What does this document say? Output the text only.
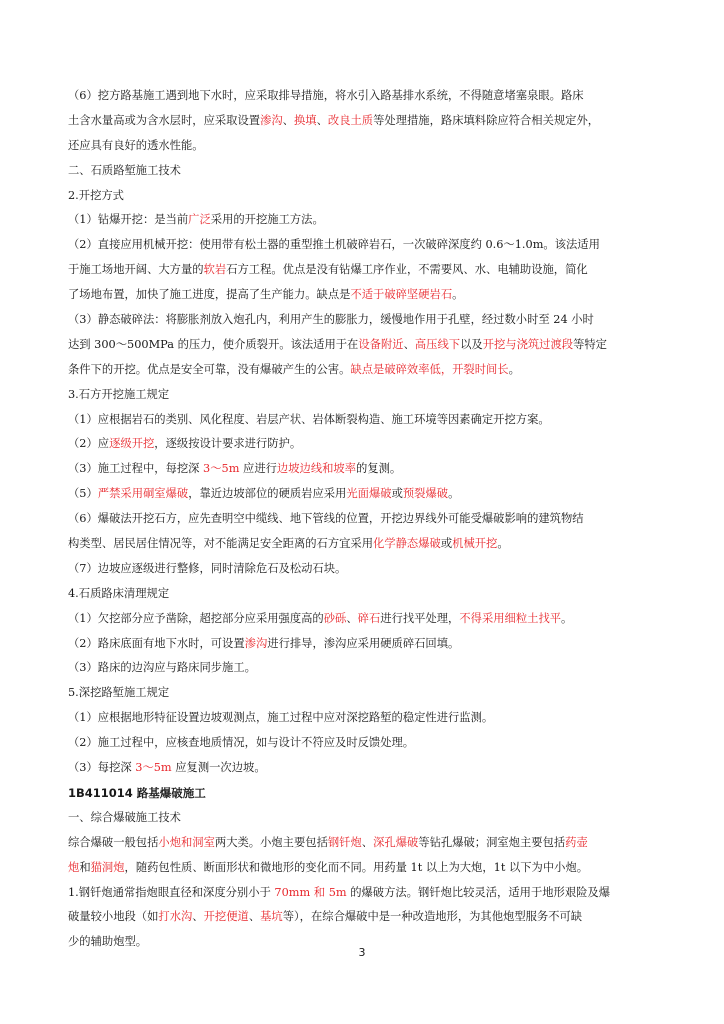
（6）挖方路基施工遇到地下水时，应采取排导措施，将水引入路基排水系统，不得随意堵塞泉眼。路床
土含水量高或为含水层时，应采取设置渗沟、换填、改良土质等处理措施，路床填料除应符合相关规定外，
还应具有良好的透水性能。
二、石质路堑施工技术
2.开挖方式
（1）钻爆开挖：是当前广泛采用的开挖施工方法。
（2）直接应用机械开挖：使用带有松土器的重型推土机破碎岩石，一次破碎深度约 0.6～1.0m。该法适用
于施工场地开阔、大方量的软岩石方工程。优点是没有钻爆工序作业，不需要风、水、电辅助设施，简化
了场地布置，加快了施工进度，提高了生产能力。缺点是不适于破碎坚硬岩石。
（3）静态破碎法：将膨胀剂放入炮孔内，利用产生的膨胀力，缓慢地作用于孔壁，经过数小时至 24 小时
达到 300～500MPa 的压力，使介质裂开。该法适用于在设备附近、高压线下以及开挖与浇筑过渡段等特定
条件下的开挖。优点是安全可靠，没有爆破产生的公害。缺点是破碎效率低，开裂时间长。
3.石方开挖施工规定
（1）应根据岩石的类别、风化程度、岩层产状、岩体断裂构造、施工环境等因素确定开挖方案。
（2）应逐级开挖，逐级按设计要求进行防护。
（3）施工过程中，每挖深 3～5m 应进行边坡边线和坡率的复测。
（5）严禁采用硐室爆破，靠近边坡部位的硬质岩应采用光面爆破或预裂爆破。
（6）爆破法开挖石方，应先查明空中缆线、地下管线的位置，开挖边界线外可能受爆破影响的建筑物结
构类型、居民居住情况等，对不能满足安全距离的石方宜采用化学静态爆破或机械开挖。
（7）边坡应逐级进行整修，同时清除危石及松动石块。
4.石质路床清理规定
（1）欠挖部分应予凿除，超挖部分应采用强度高的砂砾、碎石进行找平处理，不得采用细粒土找平。
（2）路床底面有地下水时，可设置渗沟进行排导，渗沟应采用硬质碎石回填。
（3）路床的边沟应与路床同步施工。
5.深挖路堑施工规定
（1）应根据地形特征设置边坡观测点，施工过程中应对深挖路堑的稳定性进行监测。
（2）施工过程中，应核查地质情况，如与设计不符应及时反馈处理。
（3）每挖深 3～5m 应复测一次边坡。
1B411014 路基爆破施工
一、综合爆破施工技术
综合爆破一般包括小炮和洞室两大类。小炮主要包括钢钎炮、深孔爆破等钻孔爆破；洞室炮主要包括药壶
炮和猫洞炮，随药包性质、断面形状和微地形的变化而不同。用药量 1t 以上为大炮，1t 以下为中小炮。
1.钢钎炮通常指炮眼直径和深度分别小于 70mm 和 5m 的爆破方法。钢钎炮比较灵活，适用于地形艰险及爆
破量较小地段（如打水沟、开挖便道、基坑等），在综合爆破中是一种改造地形，为其他炮型服务不可缺
少的辅助炮型。
3
